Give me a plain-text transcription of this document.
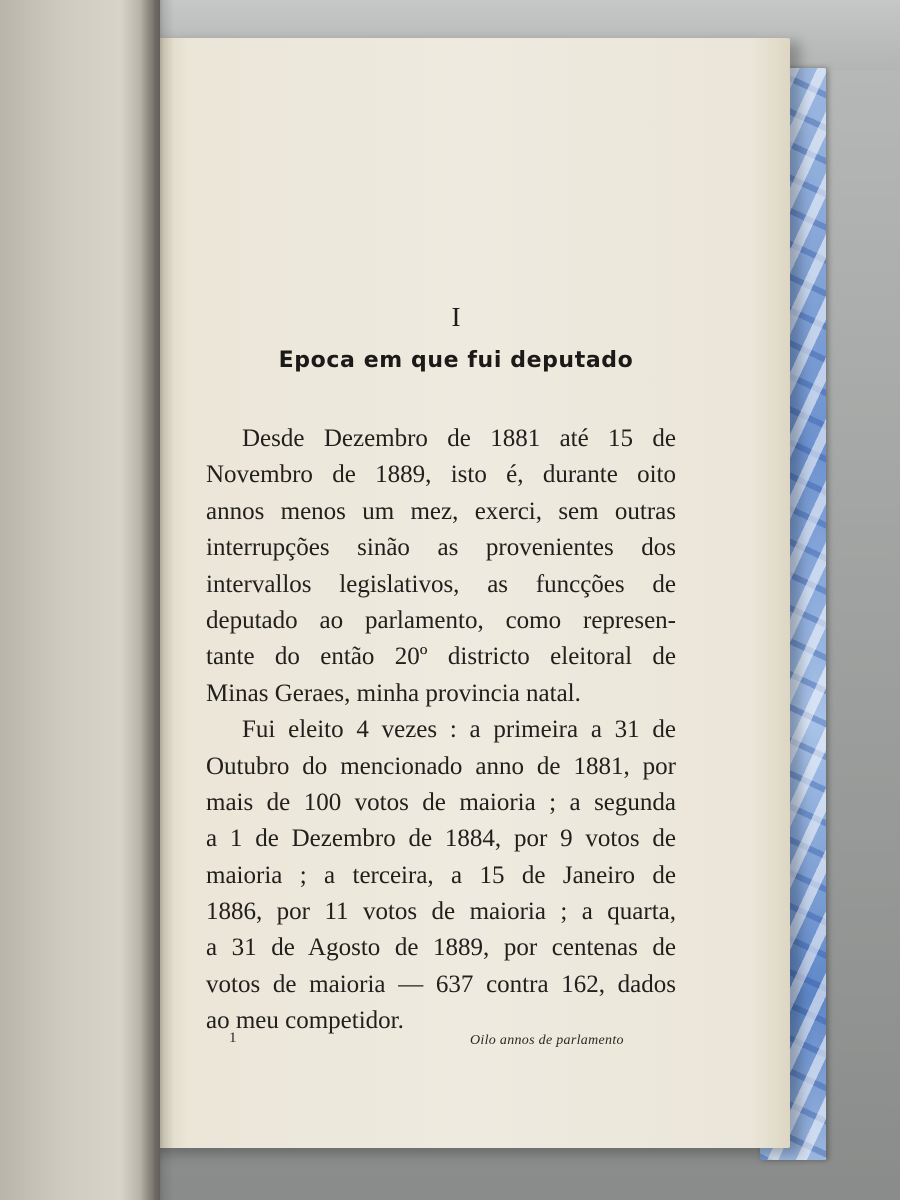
I
Epoca em que fui deputado
Desde Dezembro de 1881 até 15 de
Novembro de 1889, isto é, durante oito
annos menos um mez, exerci, sem outras
interrupções sinão as provenientes dos
intervallos legislativos, as funcções de
deputado ao parlamento, como represen-
tante do então 20º districto eleitoral de
Minas Geraes, minha provincia natal.
Fui eleito 4 vezes : a primeira a 31 de
Outubro do mencionado anno de 1881, por
mais de 100 votos de maioria ; a segunda
a 1 de Dezembro de 1884, por 9 votos de
maioria ; a terceira, a 15 de Janeiro de
1886, por 11 votos de maioria ; a quarta,
a 31 de Agosto de 1889, por centenas de
votos de maioria — 637 contra 162, dados
ao meu competidor.
1	Oilo annos de parlamento
